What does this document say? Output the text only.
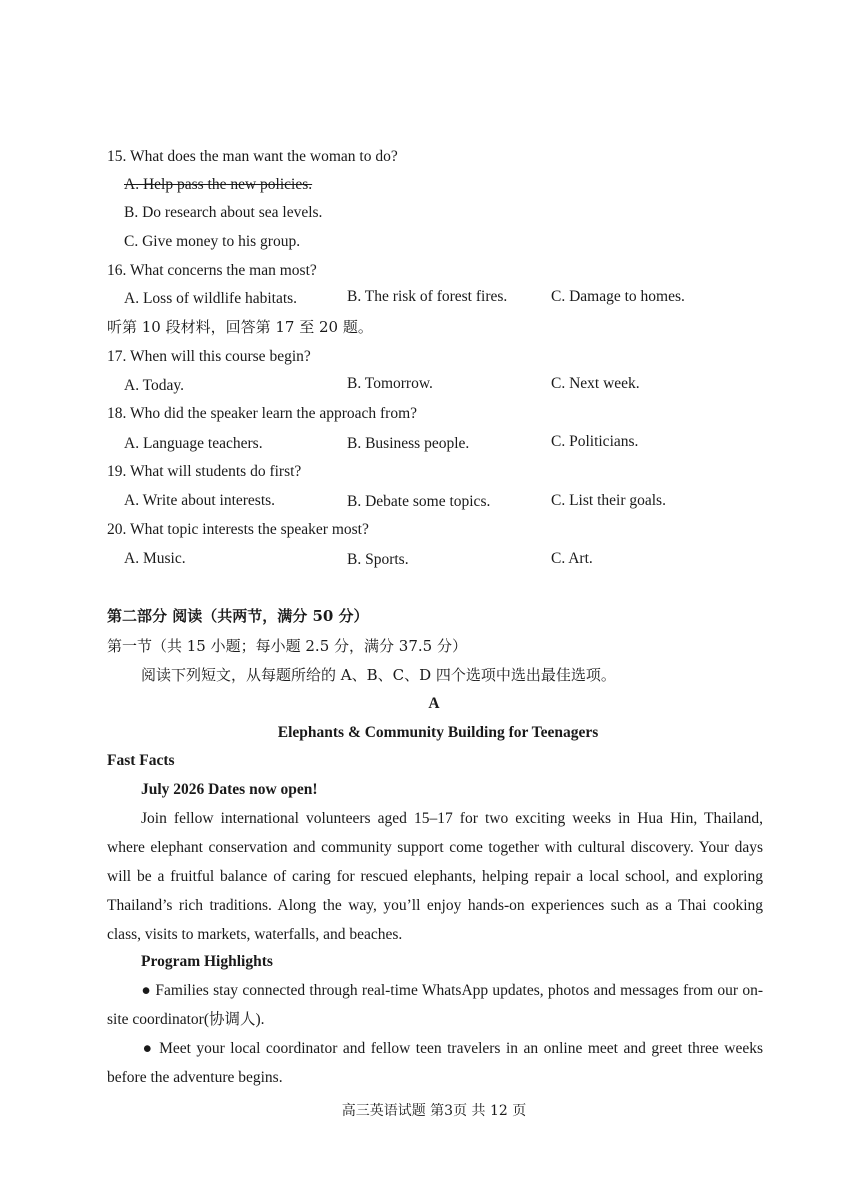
15. What does the man want the woman to do?
A. Help pass the new policies.
B. Do research about sea levels.
C. Give money to his group.
16. What concerns the man most?
A. Loss of wildlife habitats.	B. The risk of forest fires.	C. Damage to homes.
听第 10 段材料，回答第 17 至 20 题。
17. When will this course begin?
A. Today.	B. Tomorrow.	C. Next week.
18. Who did the speaker learn the approach from?
A. Language teachers.	B. Business people.	C. Politicians.
19. What will students do first?
A. Write about interests.	B. Debate some topics.	C. List their goals.
20. What topic interests the speaker most?
A. Music.	B. Sports.	C. Art.
第二部分 阅读（共两节，满分 50 分）
第一节（共 15 小题；每小题 2.5 分，满分 37.5 分）
阅读下列短文，从每题所给的 A、B、C、D 四个选项中选出最佳选项。
A
Elephants & Community Building for Teenagers
Fast Facts
July 2026 Dates now open!
Join fellow international volunteers aged 15–17 for two exciting weeks in Hua Hin, Thailand, where elephant conservation and community support come together with cultural discovery. Your days will be a fruitful balance of caring for rescued elephants, helping repair a local school, and exploring Thailand’s rich traditions. Along the way, you’ll enjoy hands-on experiences such as a Thai cooking class, visits to markets, waterfalls, and beaches.
Program Highlights
● Families stay connected through real-time WhatsApp updates, photos and messages from our on-site coordinator(协调人).
● Meet your local coordinator and fellow teen travelers in an online meet and greet three weeks before the adventure begins.
高三英语试题 第3页 共 12 页
